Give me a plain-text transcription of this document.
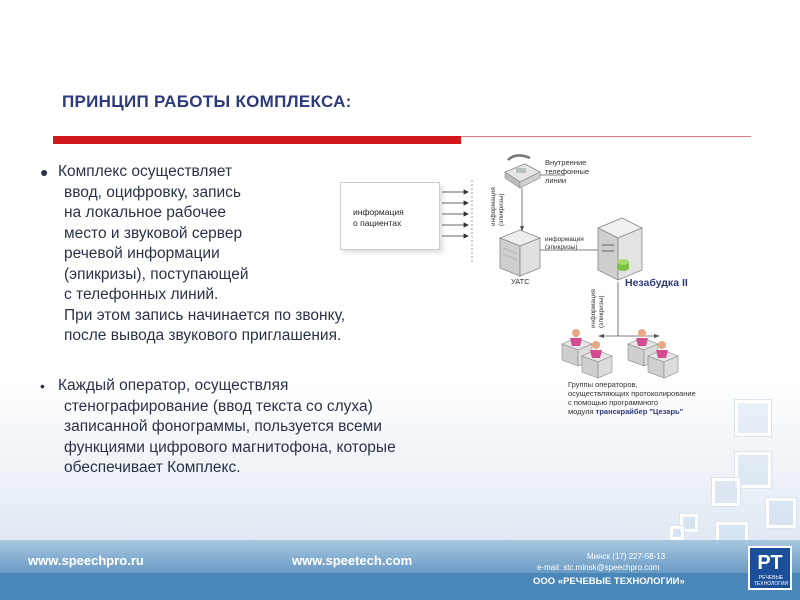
ПРИНЦИП РАБОТЫ КОМПЛЕКСА:
● Комплекс осуществляет
ввод, оцифровку, запись
на локальное рабочее
место и звуковой сервер
речевой информации
(эпикризы), поступающей
с телефонных линий.
При этом запись начинается по звонку,
после вывода звукового приглашения.
• Каждый оператор, осуществляя
стенографирование (ввод текста со слуха)
записанной фонограммы, пользуется всеми
функциями цифрового магнитофона, которые
обеспечивает Комплекс.
информация
о пациентах
Внутренние
телефонные
линии
информация (эпикризы)
информация
(эпикризы)
информация (эпикризы)
УАТС	Незабудка II
Группы операторов,
осуществляющих протоколирование
с помощью программного
модуля транскрайбер "Цезарь"
www.speechpro.ru	www.speetech.com	Минск (17) 227-58-13
e-mail: stc.minsk@speechpro.com
ООО «РЕЧЕВЫЕ ТЕХНОЛОГИИ»
РТ
РЕЧЕВЫЕ
ТЕХНОЛОГИИ
